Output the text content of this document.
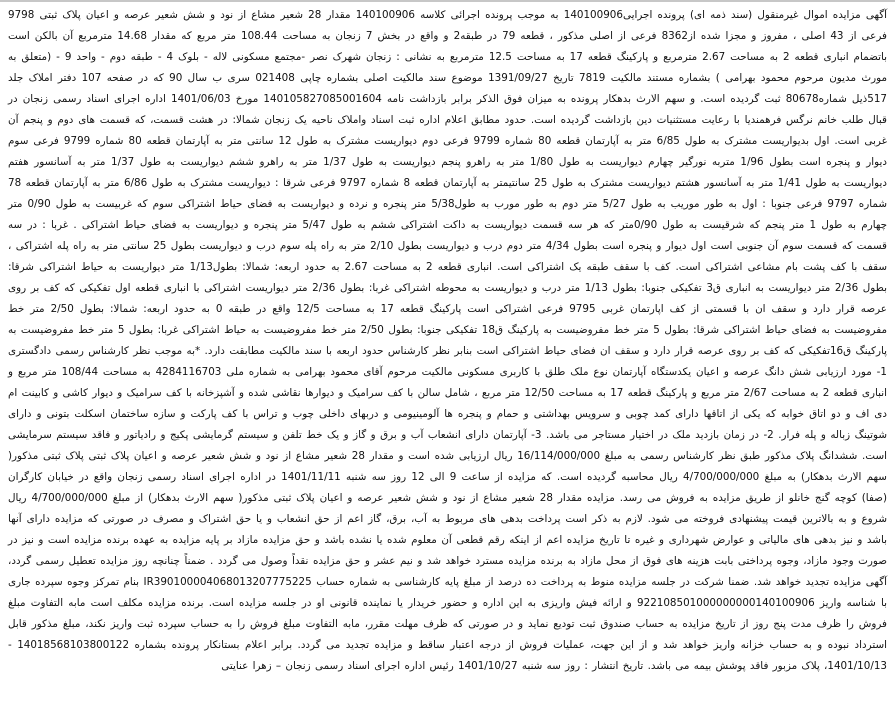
آگهی مزایده اموال غیرمنقول (سند ذمه ای) پرونده اجرایی140100906 به موجب پرونده اجرائی کلاسه 140100906 مقدار 28 شعیر مشاع از نود و شش شعیر عرصه و اعیان پلاک ثبتی 9798 فرعی از 43 اصلی ، مفروز و مجزا شده از8362 فرعی از اصلی مذکور ، قطعه 79 در طبقه2 و واقع در بخش 7 زنجان به مساحت 108.44 متر مربع که مقدار 14.68 مترمربع آن بالکن است باتضمام انباری قطعه 2 به مساحت 2.67 مترمربع و پارکینگ قطعه 17 به مساحت 12.5 مترمربع به نشانی : زنجان شهرک نصر -مجتمع مسکونی لاله - بلوک 4 - طبقه دوم - واحد 9 - (متعلق به مورث مدیون مرحوم محمود بهرامی ) بشماره مستند مالکیت 7819 تاریخ 1391/09/27 موضوع سند مالکیت اصلی بشماره چاپی 021408 سری ب سال 90 که در صفحه 107 دفتر املاک جلد 517ذیل شماره80678 ثبت گردیده است. و سهم الارث بدهکار پرونده به میزان فوق الذکر برابر بازداشت نامه 140105827085001604 مورخ 1401/06/03 اداره اجرای اسناد رسمی زنجان در قبال طلب خانم نرگس فرهمندیا با رعایت مستثنیات دین بازداشت گردیده است. حدود مطابق اعلام اداره ثبت اسناد واملاک ناحیه یک زنجان شمالا: در هشت قسمت، که قسمت های دوم و پنجم آن غربی است. اول بدیواریست مشترک به طول 6/85 متر به آپارتمان قطعه 80 شماره 9799 فرعی دوم دیواریست مشترک به طول 12 سانتی متر به آپارتمان قطعه 80 شماره 9799 فرعی سوم دیوار و پنجره است بطول 1/96 متربه نورگیر چهارم دیواریست به طول 1/80 متر به راهرو پنجم دیواریست به طول 1/37 متر به راهرو ششم دیواریست به طول 1/37 متر به آسانسور هفتم دیواریست به طول 1/41 متر به آسانسور هشتم دیواریست مشترک به طول 25 سانتیمتر به آپارتمان قطعه 8 شماره 9797 فرعی شرقا : دیواریست مشترک به طول 6/86 متر به آپارتمان قطعه 78 شماره 9797 فرعی جنوبا : اول به طور موریب به طول 5/27 متر دوم به طور مورب به طول5/38 متر پنجره و نرده و دیواریست به فضای حیاط اشتراکی سوم که غربیست به طول 0/90 متر چهارم به طول 1 متر پنجم که شرقیست به طول 0/90متر که هر سه قسمت دیواریست به داکت اشتراکی ششم به طول 5/47 متر پنجره و دیواریست به فضای حیاط اشتراکی . غربا : در سه قسمت که قسمت سوم آن جنوبی است اول دیوار و پنجره است بطول 4/34 متر دوم درب و دیواریست بطول 2/10 متر به راه پله سوم درب و دیواریست بطول 25 سانتی متر به راه پله اشتراکی ، سقف با کف پشت بام مشاعی اشتراکی است. کف با سقف طبقه یک اشتراکی است. انباری قطعه 2 به مساحت 2.67 به حدود اربعه: شمالا: بطول1/13 متر دیواریست به حیاط اشتراکی شرقا: بطول 2/36 متر دیواریست به انباری ق3 تفکیکی جنوبا: بطول 1/13 متر درب و دیواریست به محوطه اشتراکی غربا: بطول 2/36 متر دیواریست اشتراکی با انباری قطعه اول تفکیکی که کف بر روی عرصه قرار دارد و سقف ان با قسمتی از کف اپارتمان غربی 9795 فرعی اشتراکی است پارکینگ قطعه 17 به مساحت 12/5 واقع در طبقه 0 به حدود اربعه: شمالا: بطول 2/50 متر خط مفروضیست به فضای حیاط اشتراکی شرقا: بطول 5 متر خط مفروضیست به پارکینگ ق18 تفکیکی جنوبا: بطول 2/50 متر خط مفروضیست به حیاط اشتراکی غربا: بطول 5 متر خط مفروضیست به پارکینگ ق16تفکیکی که کف بر روی عرصه قرار دارد و سقف ان فضای حیاط اشتراکی است بنابر نظر کارشناس حدود اربعه با سند مالکیت مطابقت دارد. *به موجب نظر کارشناس رسمی دادگستری 1- مورد ارزیابی شش دانگ عرصه و اعیان یکدستگاه آپارتمان نوع ملک طلق با کاربری مسکونی مالکیت مرحوم آقای محمود بهرامی به شماره ملی 4284116703 به مساحت 108/44 متر مربع و انباری قطعه 2 به مساحت 2/67 متر مربع و پارکینگ قطعه 17 به مساحت 12/50 متر مربع ، شامل سالن با کف سرامیک و دیوارها نقاشی شده و آشپزخانه با کف سرامیک و دیوار کاشی و کابینت ام دی اف و دو اتاق خوابه که یکی از اتاقها دارای کمد چوبی و سرویس بهداشتی و حمام و پنجره ها آلومینیومی و دربهای داخلی چوب و تراس با کف پارکت و سازه ساختمان اسکلت بتونی و دارای شوتینگ زباله و پله فرار. 2- در زمان بازدید ملک در اختیار مستاجر می باشد. 3- آپارتمان دارای انشعاب آب و برق و گاز و یک خط تلفن و سیستم گرمایشی پکیج و رادیاتور و فاقد سیستم سرمایشی است. ششدانگ پلاک مذکور طبق نظر کارشناس رسمی به مبلغ 16/114/000/000 ریال ارزیابی شده است و مقدار 28 شعیر مشاع از نود و شش شعیر عرصه و اعیان پلاک ثبتی پلاک ثبتی مذکور( سهم الارث بدهکار) به مبلغ 4/700/000/000 ریال محاسبه گردیده است. که مزایده از ساعت 9 الی 12 روز سه شنبه 1401/11/11 در اداره اجرای اسناد رسمی زنجان واقع در خیابان کارگران (صفا) کوچه گنج خانلو از طریق مزایده به فروش می رسد. مزایده مقدار 28 شعیر مشاع از نود و شش شعیر عرصه و اعیان پلاک ثبتی مذکور( سهم الارث بدهکار) از مبلغ 4/700/000/000 ریال شروع و به بالاترین قیمت پیشنهادی فروخته می شود. لازم به ذکر است پرداخت بدهی های مربوط به آب، برق، گاز اعم از حق انشعاب و یا حق اشتراک و مصرف در صورتی که مزایده دارای آنها باشد و نیز بدهی های مالیاتی و عوارض شهرداری و غیره تا تاریخ مزایده اعم از اینکه رقم قطعی آن معلوم شده یا نشده باشد و حق مزایده مازاد بر پایه مزایده به عهده برنده مزایده است و نیز در صورت وجود مازاد، وجوه پرداختی بابت هزینه های فوق از محل مازاد به برنده مزایده مسترد خواهد شد و نیم عشر و حق مزایده نقداً وصول می گردد . ضمناً چنانچه روز مزایده تعطیل رسمی گردد، آگهی مزایده تجدید خواهد شد. ضمنا شرکت در جلسه مزایده منوط به پرداخت ده درصد از مبلغ پایه کارشناسی به شماره حساب IR390100004068013207775225 بنام تمرکز وجوه سپرده جاری با شناسه واریز 922108501000000000140100906 و ارائه فیش واریزی به این اداره و حضور خریدار یا نماینده قانونی او در جلسه مزایده است. برنده مزایده مکلف است مابه التفاوت مبلغ فروش را ظرف مدت پنج روز از تاریخ مزایده به حساب صندوق ثبت تودیع نماید و در صورتی که ظرف مهلت مقرر، مابه التفاوت مبلغ فروش را به حساب سپرده ثبت واریز نکند، مبلغ مذکور قابل استرداد نبوده و به حساب خزانه واریز خواهد شد و از این جهت، عملیات فروش از درجه اعتبار ساقط و مزایده تجدید می گردد. برابر اعلام بستانکار پرونده بشماره 14018568103800122 - 1401/10/13، پلاک مزبور فاقد پوشش بیمه می باشد. تاریخ انتشار : روز سه شنبه 1401/10/27 رئیس اداره اجرای اسناد رسمی زنجان – زهرا عنایتی
